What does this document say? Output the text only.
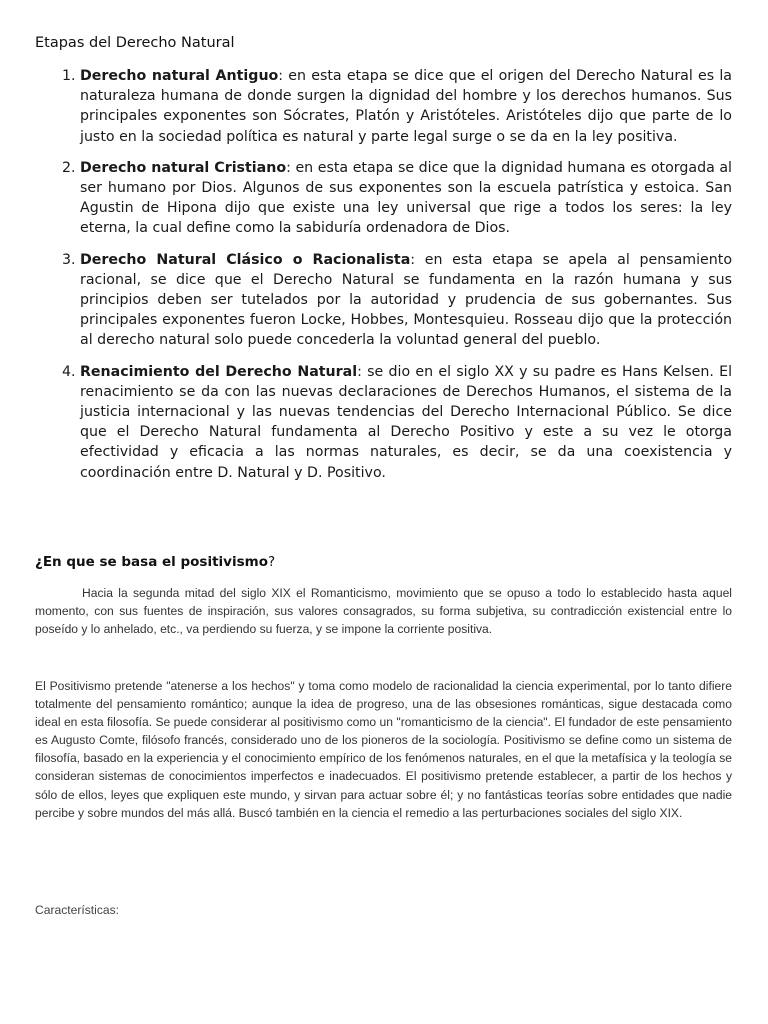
Etapas del Derecho Natural
1. Derecho natural Antiguo: en esta etapa se dice que el origen del Derecho Natural es la naturaleza humana de donde surgen la dignidad del hombre y los derechos humanos. Sus principales exponentes son Sócrates, Platón y Aristóteles. Aristóteles dijo que parte de lo justo en la sociedad política es natural y parte legal surge o se da en la ley positiva.
2. Derecho natural Cristiano: en esta etapa se dice que la dignidad humana es otorgada al ser humano por Dios. Algunos de sus exponentes son la escuela patrística y estoica. San Agustin de Hipona dijo que existe una ley universal que rige a todos los seres: la ley eterna, la cual define como la sabiduría ordenadora de Dios.
3. Derecho Natural Clásico o Racionalista: en esta etapa se apela al pensamiento racional, se dice que el Derecho Natural se fundamenta en la razón humana y sus principios deben ser tutelados por la autoridad y prudencia de sus gobernantes. Sus principales exponentes fueron Locke, Hobbes, Montesquieu. Rosseau dijo que la protección al derecho natural solo puede concederla la voluntad general del pueblo.
4. Renacimiento del Derecho Natural: se dio en el siglo XX y su padre es Hans Kelsen. El renacimiento se da con las nuevas declaraciones de Derechos Humanos, el sistema de la justicia internacional y las nuevas tendencias del Derecho Internacional Público. Se dice que el Derecho Natural fundamenta al Derecho Positivo y este a su vez le otorga efectividad y eficacia a las normas naturales, es decir, se da una coexistencia y coordinación entre D. Natural y D. Positivo.
¿En que se basa el positivismo?

Hacia la segunda mitad del siglo XIX el Romanticismo, movimiento que se opuso a todo lo establecido hasta aquel momento, con sus fuentes de inspiración, sus valores consagrados, su forma subjetiva, su contradicción existencial entre lo poseído y lo anhelado, etc., va perdiendo su fuerza, y se impone la corriente positiva.

El Positivismo pretende "atenerse a los hechos" y toma como modelo de racionalidad la ciencia experimental, por lo tanto difiere totalmente del pensamiento romántico; aunque la idea de progreso, una de las obsesiones románticas, sigue destacada como ideal en esta filosofía. Se puede considerar al positivismo como un "romanticismo de la ciencia". El fundador de este pensamiento es Augusto Comte, filósofo francés, considerado uno de los pioneros de la sociología. Positivismo se define como un sistema de filosofía, basado en la experiencia y el conocimiento empírico de los fenómenos naturales, en el que la metafísica y la teología se consideran sistemas de conocimientos imperfectos e inadecuados. El positivismo pretende establecer, a partir de los hechos y sólo de ellos, leyes que expliquen este mundo, y sirvan para actuar sobre él; y no fantásticas teorías sobre entidades que nadie percibe y sobre mundos del más allá. Buscó también en la ciencia el remedio a las perturbaciones sociales del siglo XIX.

Características:
